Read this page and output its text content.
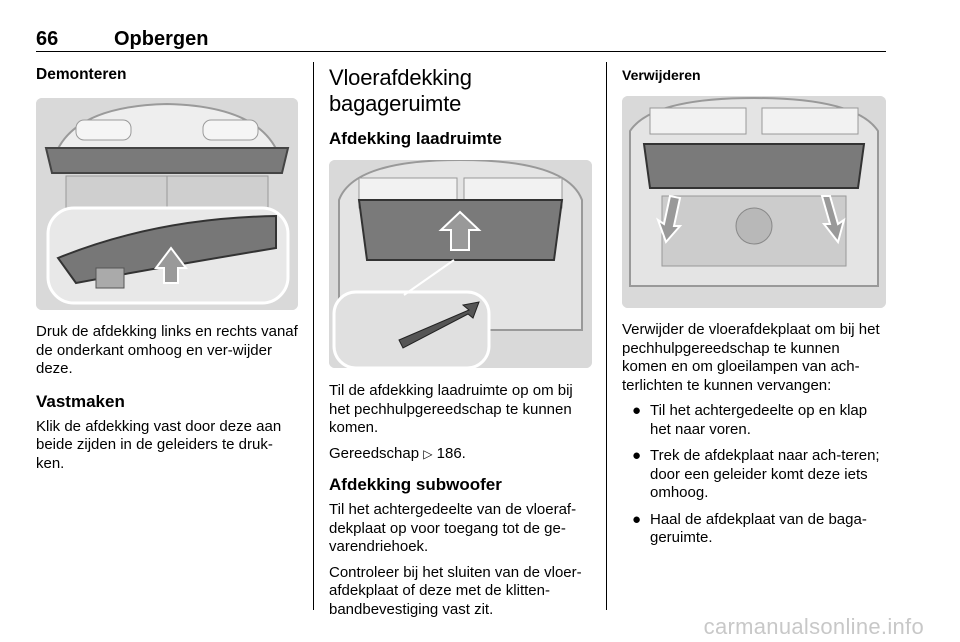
66	Opbergen
Demonteren

Druk de afdekking links en rechts vanaf de onderkant omhoog en ver-wijder deze.

Vastmaken

Klik de afdekking vast door deze aan beide zijden in de geleiders te druk-ken.

Vloerafdekking
bagageruimte
Afdekking laadruimte

Til de afdekking laadruimte op om bij het pechhulpgereedschap te kunnen komen.

Gereedschap ▷ 186.

Afdekking subwoofer

Til het achtergedeelte van de vloeraf-dekplaat op voor toegang tot de ge-varendriehoek.

Controleer bij het sluiten van de vloer-afdekplaat of deze met de klitten-bandbevestiging vast zit.

Verwijderen

Verwijder de vloerafdekplaat om bij het pechhulpgereedschap te kunnen komen en om gloeilampen van ach-terlichten te kunnen vervangen:

● Til het achtergedeelte op en klap het naar voren.
● Trek de afdekplaat naar ach-teren; door een geleider komt deze iets omhoog.
● Haal de afdekplaat van de baga-geruimte.
carmanualsonline.info
